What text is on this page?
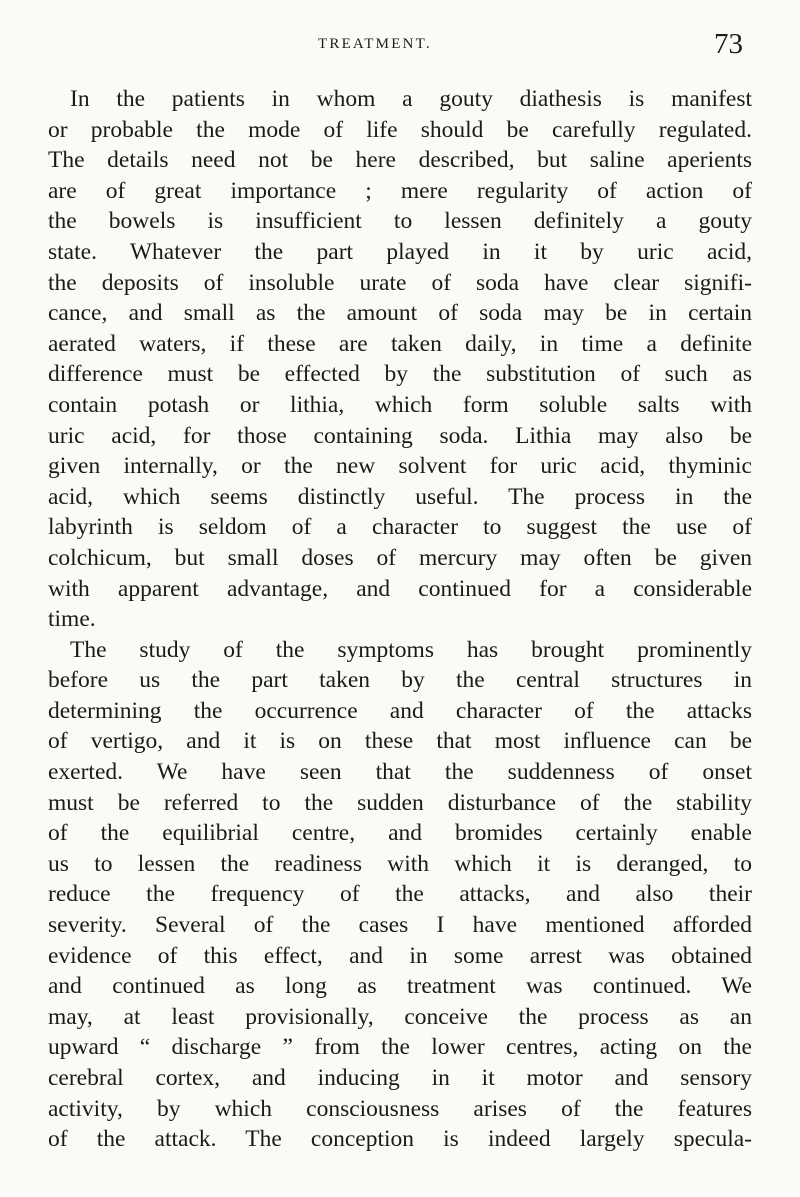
TREATMENT.	73
In the patients in whom a gouty diathesis is manifest
or probable the mode of life should be carefully regulated.
The details need not be here described, but saline aperients
are of great importance ; mere regularity of action of
the bowels is insufficient to lessen definitely a gouty
state. Whatever the part played in it by uric acid,
the deposits of insoluble urate of soda have clear signifi-
cance, and small as the amount of soda may be in certain
aerated waters, if these are taken daily, in time a definite
difference must be effected by the substitution of such as
contain potash or lithia, which form soluble salts with
uric acid, for those containing soda. Lithia may also be
given internally, or the new solvent for uric acid, thyminic
acid, which seems distinctly useful. The process in the
labyrinth is seldom of a character to suggest the use of
colchicum, but small doses of mercury may often be given
with apparent advantage, and continued for a considerable
time.
The study of the symptoms has brought prominently
before us the part taken by the central structures in
determining the occurrence and character of the attacks
of vertigo, and it is on these that most influence can be
exerted. We have seen that the suddenness of onset
must be referred to the sudden disturbance of the stability
of the equilibrial centre, and bromides certainly enable
us to lessen the readiness with which it is deranged, to
reduce the frequency of the attacks, and also their
severity. Several of the cases I have mentioned afforded
evidence of this effect, and in some arrest was obtained
and continued as long as treatment was continued. We
may, at least provisionally, conceive the process as an
upward “ discharge ” from the lower centres, acting on the
cerebral cortex, and inducing in it motor and sensory
activity, by which consciousness arises of the features
of the attack. The conception is indeed largely specula-
